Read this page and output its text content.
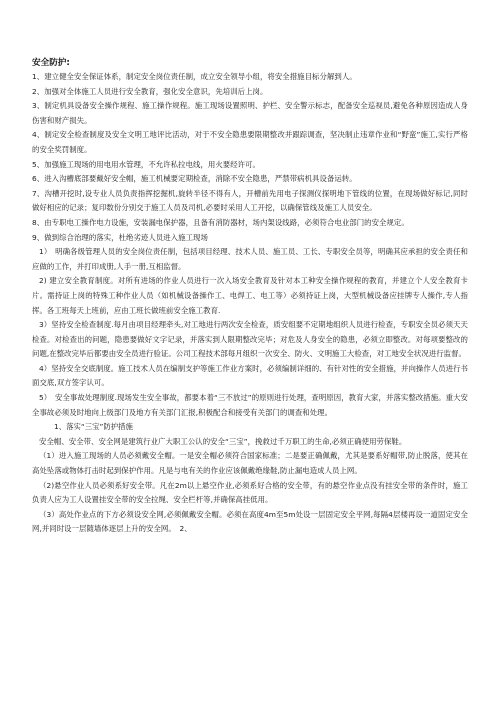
安全防护:

1、建立健全安全保证体系，制定安全岗位责任制，成立安全领导小组，将安全措施目标分解到人。

2、加强对全体施工人员进行安全教育，强化安全意识，先培训后上岗。

3、制定机具设备安全操作规程、施工操作规程。施工现场设置照明、护栏、安全警示标志，配备安全巡视员,避免各种原因造成人身伤害和财产损失。

4、制定安全检查制度及安全文明工地评比活动，对于不安全隐患要限期整改并跟踪调查，坚决制止违章作业和“野蛮”施工,实行严格的安全奖罚制度。

5、加强施工现场的用电用水管理，不允许私拉电线，用火要经许可。

6、进入沟槽底部要戴好安全帽，施工机械要定期检查，消除不安全隐患，严禁带病机具设备运转。

7、沟槽开挖时,设专业人员负责指挥挖掘机,旋转半径不得有人，开槽前先用电子探测仪探明地下管线的位置，在现场做好标记,同时做好相应的记录；复印数份分别交于施工人员及司机,必要时采用人工开挖，以确保管线及施工人员安全。

8、由专职电工操作电力设施，安装漏电保护器，且备有消防器材，场内架设线路，必须符合电业部门的安全规定。

9、做到综合治理的落实，杜绝劣迹人员进入施工现场

1）　明确各级管理人员的安全岗位责任制，包括项目经理、技术人员、施工员、工长、专职安全员等，明确其应承担的安全责任和应做的工作，并打印成册,人手一册,互相监督。

2) 建立安全教育制度。对所有进场的作业人员进行一次入场安全教育及针对本工种安全操作规程的教育，并建立个人安全教育卡片。需持证上岗的特殊工种作业人员（如机械设备操作工、电焊工、电工等）必须持证上岗，大型机械设备应挂牌专人操作,专人指挥。各工班每天上班前，应由工班长做班前安全施工教育.

3）坚持安全检查制度.每月由项目经理牵头,对工地进行两次安全检查，质安组要不定期地组织人员进行检查，专职安全员必须天天检查。对检查出的问题，隐患要做好文字记录，并落实到人限期整改完毕；对危及人身安全的隐患，必须立即整改。对每项要整改的问题,在整改完毕后都要由安全员进行验证。公司工程技术部每月组织一次安全、防火、文明施工大检查，对工地安全状况进行监督。

4）坚持安全交底制度。施工技术人员在编制支护等施工作业方案时，必须编制详细的、有针对性的安全措施，并向操作人员进行书面交底,双方签字认可。

5）　安全事故处理制度.现场发生安全事故，都要本着“三不放过”的原则进行处理，查明原因，教育大家，并落实整改措施。重大安全事故必须及时地向上级部门及地方有关部门汇报,积极配合和接受有关部门的调查和处理。

1、落实“三宝”防护措施

安全帽、安全带、安全网是建筑行业广大职工公认的安全“三宝”，挽救过千万职工的生命,必须正确使用劳保鞋。

（1）进入施工现场的人员必须戴安全帽。一是安全帽必须符合国家标准；二是要正确佩戴，尤其是要系好帽带,防止脱落，使其在高处坠落或物体打击时起到保护作用。凡是与电有关的作业应该佩戴绝缘鞋,防止漏电造成人员上网。

（2)悬空作业人员必须系好安全带。凡在2m以上悬空作业,必须系好合格的安全带，有的悬空作业点没有挂安全带的条件时，施工负责人应为工人设置挂安全带的安全拉绳、安全栏杆等,并确保高挂低用。

（3）高处作业点的下方必须设安全网,必须佩戴安全帽。必须在高度4m至5m处设一层固定安全平网,每隔4层楼再设一道固定安全网,并同时设一层随墙体逐层上升的安全网。　2、
